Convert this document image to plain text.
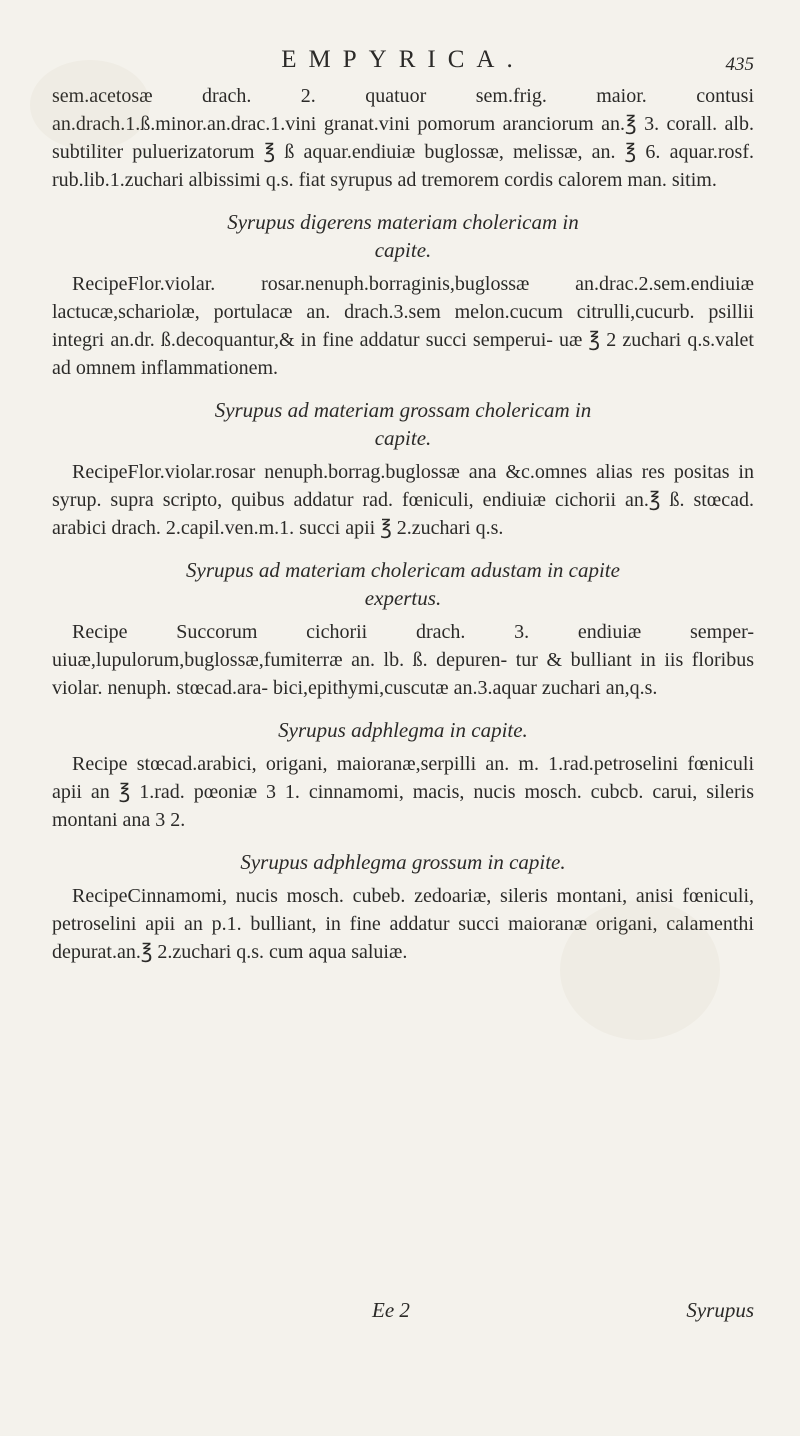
EMPYRICA.	435

sem.acetosæ drach. 2. quatuor sem.frig. maior. contusi an.drach.1.ß.minor.an.drac.1.vini granat.vini pomorum aranciorum an.℥ 3. corall. alb. subtiliter puluerizatorum ℥ ß aquar.endiuiæ buglossæ, melissæ, an. ℥ 6. aquar.rosf. rub.lib.1.zuchari albissimi q.s. fiat syrupus ad tremorem cordis calorem man. sitim.

Syrupus digerens materiam cholericam in
capite.

RecipeFlor.violar. rosar.nenuph.borraginis,buglossæ an.drac.2.sem.endiuiæ lactucæ,schariolæ, portulacæ an. drach.3.sem melon.cucum citrulli,cucurb. psillii integri an.dr. ß.decoquantur,& in fine addatur succi semperui- uæ ℥ 2 zuchari q.s.valet ad omnem inflammationem.

Syrupus ad materiam grossam cholericam in
capite.

RecipeFlor.violar.rosar nenuph.borrag.buglossæ ana &c.omnes alias res positas in syrup. supra scripto, quibus addatur rad. fœniculi, endiuiæ cichorii an.℥ ß. stœcad. arabici drach. 2.capil.ven.m.1. succi apii ℥ 2.zuchari q.s.

Syrupus ad materiam cholericam adustam in capite
expertus.

Recipe Succorum cichorii drach. 3. endiuiæ semper- uiuæ,lupulorum,buglossæ,fumiterræ an. lb. ß. depuren- tur & bulliant in iis floribus violar. nenuph. stœcad.ara- bici,epithymi,cuscutæ an.3.aquar zuchari an,q.s.

Syrupus adphlegma in capite.

Recipe stœcad.arabici, origani, maioranæ,serpilli an. m. 1.rad.petroselini fœniculi apii an ℥ 1.rad. pœoniæ 3 1. cinnamomi, macis, nucis mosch. cubcb. carui, sileris montani ana 3 2.

Syrupus adphlegma grossum in capite.

RecipeCinnamomi, nucis mosch. cubeb. zedoariæ, sileris montani, anisi fœniculi, petroselini apii an p.1. bulliant, in fine addatur succi maioranæ origani, calamenthi depurat.an.℥ 2.zuchari q.s. cum aqua saluiæ.

Ee 2	Syrupus
